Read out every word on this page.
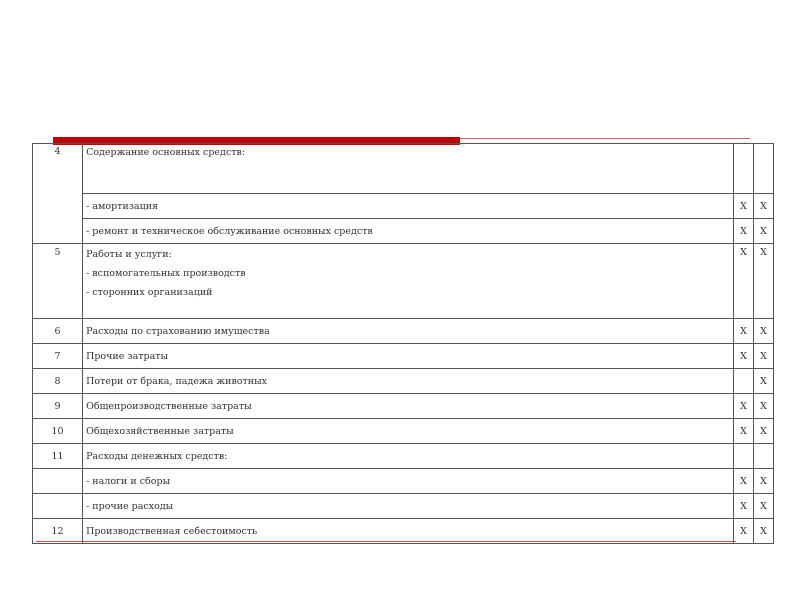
4	Содержание основных средств:		
	- амортизация	X	X
	- ремонт и техническое обслуживание основных средств	X	X
5	Работы и услуги:
- вспомогательных производств
- сторонних организаций	X	X
6	Расходы по страхованию имущества	X	X
7	Прочие затраты	X	X
8	Потери от брака, падежа животных		X
9	Общепроизводственные затраты	X	X
10	Общехозяйственные затраты	X	X
11	Расходы денежных средств:		
	- налоги и сборы	X	X
	- прочие расходы	X	X
12	Производственная себестоимость	X	X
